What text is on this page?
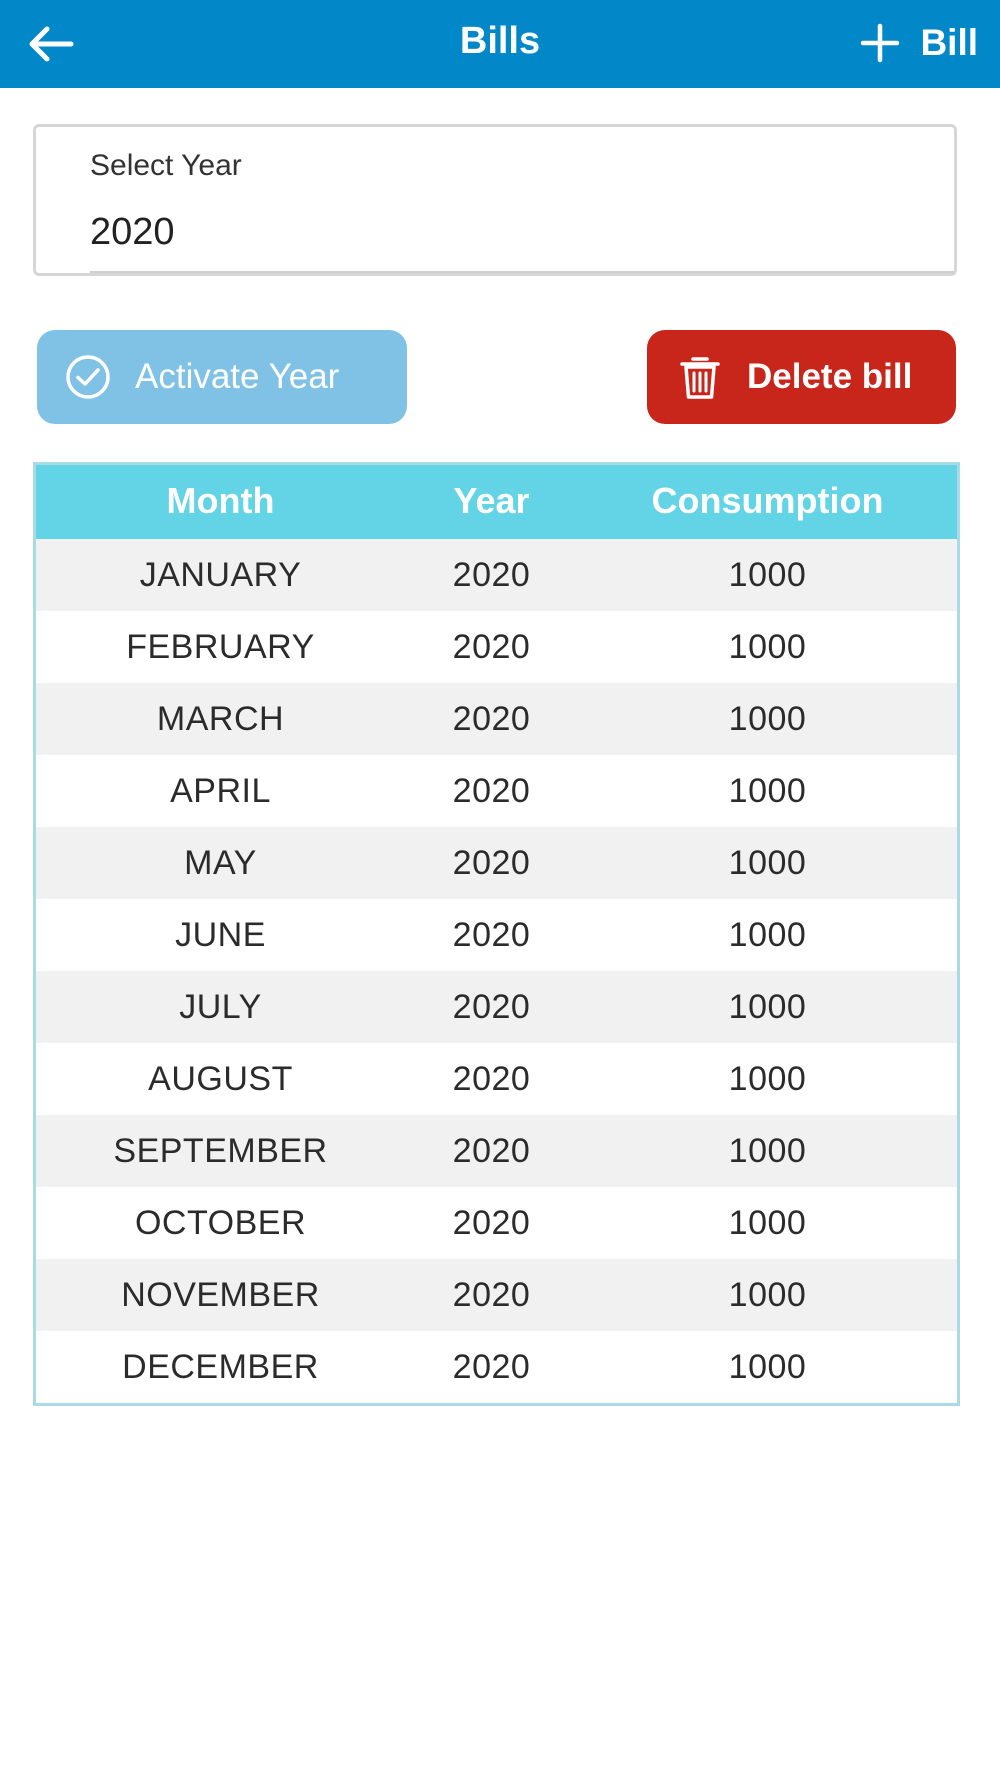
Bills	Bill
Select Year
2020
Activate Year	Delete bill
Month	Year	Consumption
JANUARY	2020	1000
FEBRUARY	2020	1000
MARCH	2020	1000
APRIL	2020	1000
MAY	2020	1000
JUNE	2020	1000
JULY	2020	1000
AUGUST	2020	1000
SEPTEMBER	2020	1000
OCTOBER	2020	1000
NOVEMBER	2020	1000
DECEMBER	2020	1000
